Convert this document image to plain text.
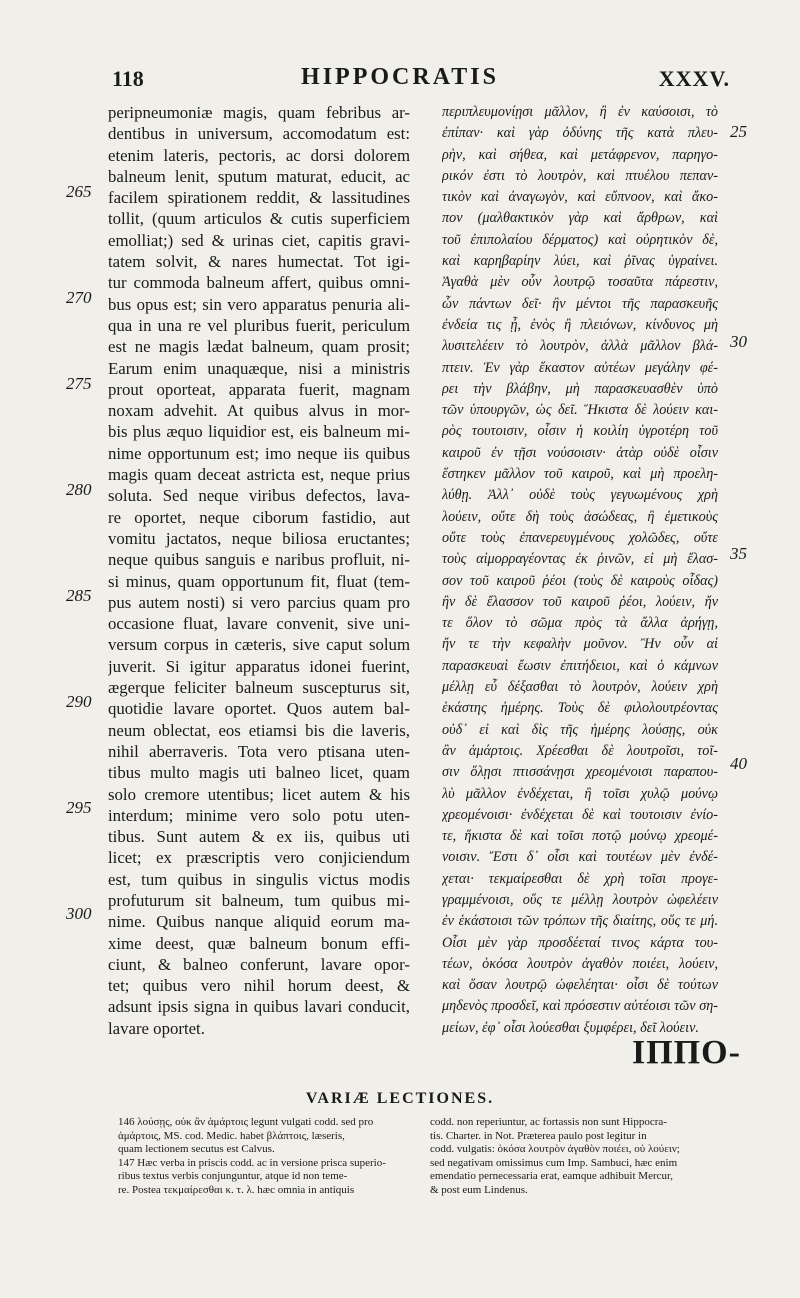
118	HIPPOCRATIS	XXXV.
peripneumoniæ magis, quam febribus ar-
dentibus in universum, accomodatum est:
etenim lateris, pectoris, ac dorsi dolorem
balneum lenit, sputum maturat, educit, ac
facilem spirationem reddit, & lassitudines
tollit, (quum articulos & cutis superficiem
emolliat;) sed & urinas ciet, capitis gravi-
tatem solvit, & nares humectat. Tot igi-
tur commoda balneum affert, quibus omni-
bus opus est; sin vero apparatus penuria ali-
qua in una re vel pluribus fuerit, periculum
est ne magis lædat balneum, quam prosit;
Earum enim unaquæque, nisi a ministris
prout oporteat, apparata fuerit, magnam
noxam advehit. At quibus alvus in mor-
bis plus æquo liquidior est, eis balneum mi-
nime opportunum est; imo neque iis quibus
magis quam deceat astricta est, neque prius
soluta. Sed neque viribus defectos, lava-
re oportet, neque ciborum fastidio, aut
vomitu jactatos, neque biliosa eructantes;
neque quibus sanguis e naribus profluit, ni-
si minus, quam opportunum fit, fluat (tem-
pus autem nosti) si vero parcius quam pro
occasione fluat, lavare convenit, sive uni-
versum corpus in cæteris, sive caput solum
juverit. Si igitur apparatus idonei fuerint,
ægerque feliciter balneum suscepturus sit,
quotidie lavare oportet. Quos autem bal-
neum oblectat, eos etiamsi bis die laveris,
nihil aberraveris. Tota vero ptisana uten-
tibus multo magis uti balneo licet, quam
solo cremore utentibus; licet autem & his
interdum; minime vero solo potu uten-
tibus. Sunt autem & ex iis, quibus uti
licet; ex præscriptis vero conjiciendum
est, tum quibus in singulis victus modis
profuturum sit balneum, tum quibus mi-
nime. Quibus nanque aliquid eorum ma-
xime deest, quæ balneum bonum effi-
ciunt, & balneo conferunt, lavare opor-
tet; quibus vero nihil horum deest, &
adsunt ipsis signa in quibus lavari conducit,
lavare oportet.
περιπλευμονίῃσι μᾶλλον, ἢ ἐν καύσοισι, τὸ
ἐπίπαν· καὶ γὰρ ὀδύνης τῆς κατὰ πλευ-
ρὴν, καὶ σήθεα, καὶ μετάφρενον, παρηγο-
ρικόν ἐστι τὸ λουτρὸν, καὶ πτυέλου πεπαν-
τικὸν καὶ ἀναγωγὸν, καὶ εὔπνοον, καὶ ἄκο-
πον (μαλθακτικὸν γὰρ καὶ ἄρθρων, καὶ
τοῦ ἐπιπολαίου δέρματος) καὶ οὐρητικὸν δὲ,
καὶ καρηβαρίην λύει, καὶ ῥῖνας ὑγραίνει.
Ἀγαθὰ μὲν οὖν λουτρῷ τοσαῦτα πάρεστιν,
ὧν πάντων δεῖ· ἢν μέντοι τῆς παρασκευῆς
ἐνδεία τις ᾖ, ἑνὸς ἢ πλειόνων, κίνδυνος μὴ
λυσιτελέειν τὸ λουτρὸν, ἀλλὰ μᾶλλον βλά-
πτειν. Ἐν γὰρ ἕκαστον αὐτέων μεγάλην φέ-
ρει τὴν βλάβην, μὴ παρασκευασθὲν ὑπὸ
τῶν ὑπουργῶν, ὡς δεῖ. Ἥκιστα δὲ λούειν και-
ρὸς τουτοισιν, οἷσιν ἡ κοιλίη ὑγροτέρη τοῦ
καιροῦ ἐν τῇσι νούσοισιν· ἀτὰρ οὐδὲ οἷσιν
ἕστηκεν μᾶλλον τοῦ καιροῦ, καὶ μὴ προελη-
λύθῃ. Ἀλλ᾽ οὐδὲ τοὺς γεγυωμένους χρὴ
λούειν, οὔτε δὴ τοὺς ἀσώδεας, ἢ ἐμετικοὺς
οὔτε τοὺς ἐπανερευγμένους χολῶδες, οὔτε
τοὺς αἱμορραγέοντας ἐκ ῥινῶν, εἰ μὴ ἔλασ-
σον τοῦ καιροῦ ῥέοι (τοὺς δὲ καιροὺς οἶδας)
ἢν δὲ ἔλασσον τοῦ καιροῦ ῥέοι, λούειν, ἤν
τε ὅλον τὸ σῶμα πρὸς τὰ ἄλλα ἀρήγῃ,
ἤν τε τὴν κεφαλὴν μοῦνον. Ἢν οὖν αἱ
παρασκευαὶ ἔωσιν ἐπιτήδειοι, καὶ ὁ κάμνων
μέλλῃ εὖ δέξασθαι τὸ λουτρὸν, λούειν χρὴ
ἑκάστης ἡμέρης. Τοὺς δὲ φιλολουτρέοντας
οὐδ᾽ εἰ καὶ δὶς τῆς ἡμέρης λούσῃς, οὐκ
ἂν ἁμάρτοις. Χρέεσθαι δὲ λουτροῖσι, τοῖ-
σιν ὅλῃσι πτισσάνῃσι χρεομένοισι παραπου-
λὺ μᾶλλον ἐνδέχεται, ἢ τοῖσι χυλῷ μούνῳ
χρεομένοισι· ἐνδέχεται δὲ καὶ τουτοισιν ἐνίο-
τε, ἥκιστα δὲ καὶ τοῖσι ποτῷ μούνῳ χρεομέ-
νοισιν. Ἔστι δ᾽ οἷσι καὶ τουτέων μὲν ἐνδέ-
χεται· τεκμαίρεσθαι δὲ χρὴ τοῖσι προγε-
γραμμένοισι, οὕς τε μέλλῃ λουτρὸν ὠφελέειν
ἐν ἑκάστοισι τῶν τρόπων τῆς διαίτης, οὕς τε μή.
Οἷσι μὲν γὰρ προσδέεταί τινος κάρτα του-
τέων, ὁκόσα λουτρὸν ἀγαθὸν ποιέει, λούειν,
καὶ ὅσαν λουτρῷ ὠφελέηται· οἷσι δὲ τούτων
μηδενὸς προσδεῖ, καὶ πρόσεστιν αὐτέοισι τῶν ση-
μείων, ἐφ᾽ οἷσι λούεσθαι ξυμφέρει, δεῖ λούειν.
265
270
275
280
285
290
295
300
25
30
35
40
ΙΠΠΟ-
VARIÆ LECTIONES.
146 λούσῃς, οὐκ ἂν ἁμάρτοις legunt vulgati codd. sed pro
ἁμάρτοις, MS. cod. Medic. habet βλάπτοις, læseris,
quam lectionem secutus est Calvus.
147 Hæc verba in priscis codd. ac in versione prisca superio-
ribus textus verbis conjunguntur, atque id non teme-
re. Postea τεκμαίρεσθαι κ. τ. λ. hæc omnia in antiquis
codd. non reperiuntur, ac fortassis non sunt Hippocra-
tis. Charter. in Not. Præterea paulo post legitur in
codd. vulgatis: ὁκόσα λουτρὸν ἀγαθὸν ποιέει, οὐ λούειν;
sed negativam omissimus cum Imp. Sambuci, hæc enim
emendatio pernecessaria erat, eamque adhibuit Mercur,
& post eum Lindenus.
